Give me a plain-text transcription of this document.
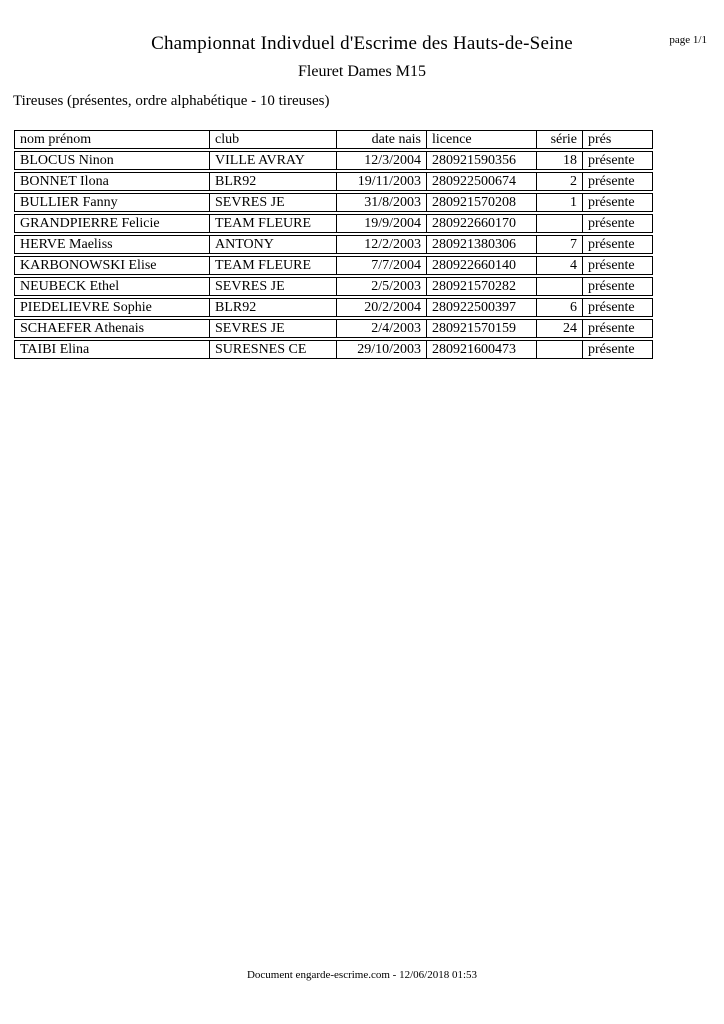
page 1/1
Championnat Indivduel d'Escrime des Hauts-de-Seine
Fleuret Dames M15
Tireuses (présentes, ordre alphabétique - 10 tireuses)
nom prénom	club	date nais	licence	série	prés
BLOCUS Ninon	VILLE AVRAY	12/3/2004	280921590356	18	présente
BONNET Ilona	BLR92	19/11/2003	280922500674	2	présente
BULLIER Fanny	SEVRES JE	31/8/2003	280921570208	1	présente
GRANDPIERRE Felicie	TEAM FLEURE	19/9/2004	280922660170		présente
HERVE Maeliss	ANTONY	12/2/2003	280921380306	7	présente
KARBONOWSKI Elise	TEAM FLEURE	7/7/2004	280922660140	4	présente
NEUBECK Ethel	SEVRES JE	2/5/2003	280921570282		présente
PIEDELIEVRE Sophie	BLR92	20/2/2004	280922500397	6	présente
SCHAEFER Athenais	SEVRES JE	2/4/2003	280921570159	24	présente
TAIBI Elina	SURESNES CE	29/10/2003	280921600473		présente
Document engarde-escrime.com - 12/06/2018 01:53
